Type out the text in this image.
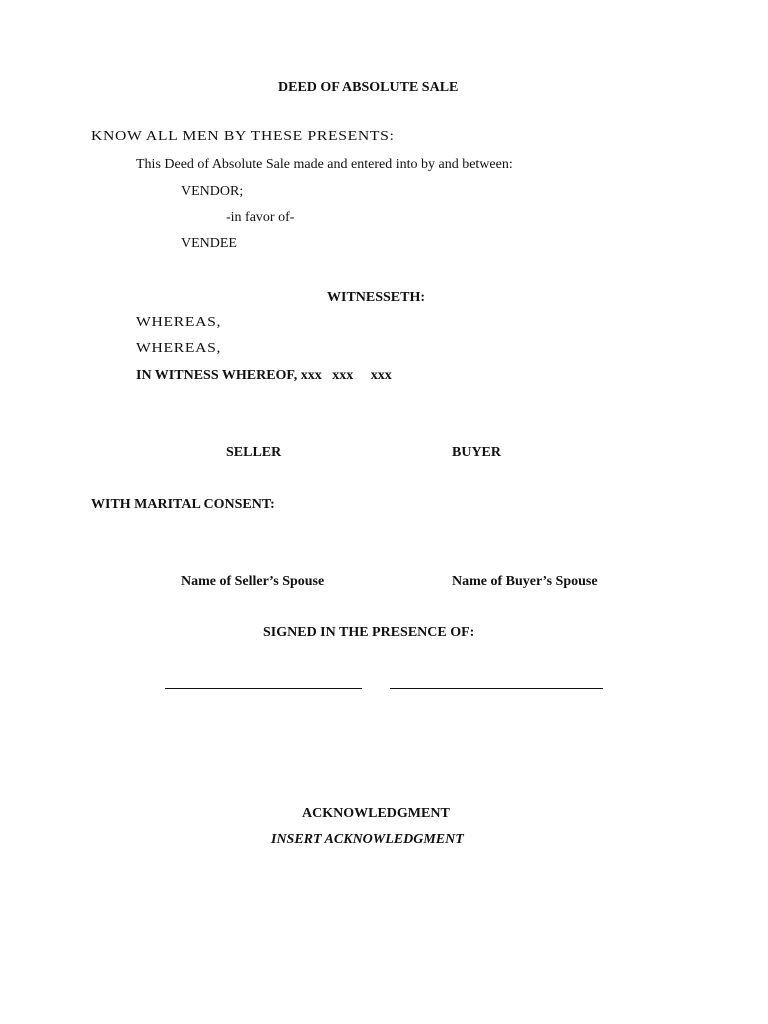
DEED OF ABSOLUTE SALE
KNOW ALL MEN BY THESE PRESENTS:
This Deed of Absolute Sale made and entered into by and between:
VENDOR;
-in favor of-
VENDEE
WITNESSETH:
WHEREAS,
WHEREAS,
IN WITNESS WHEREOF, xxx   xxx     xxx
SELLER	BUYER
WITH MARITAL CONSENT:
Name of Seller’s Spouse	Name of Buyer’s Spouse
SIGNED IN THE PRESENCE OF:
ACKNOWLEDGMENT
INSERT ACKNOWLEDGMENT
